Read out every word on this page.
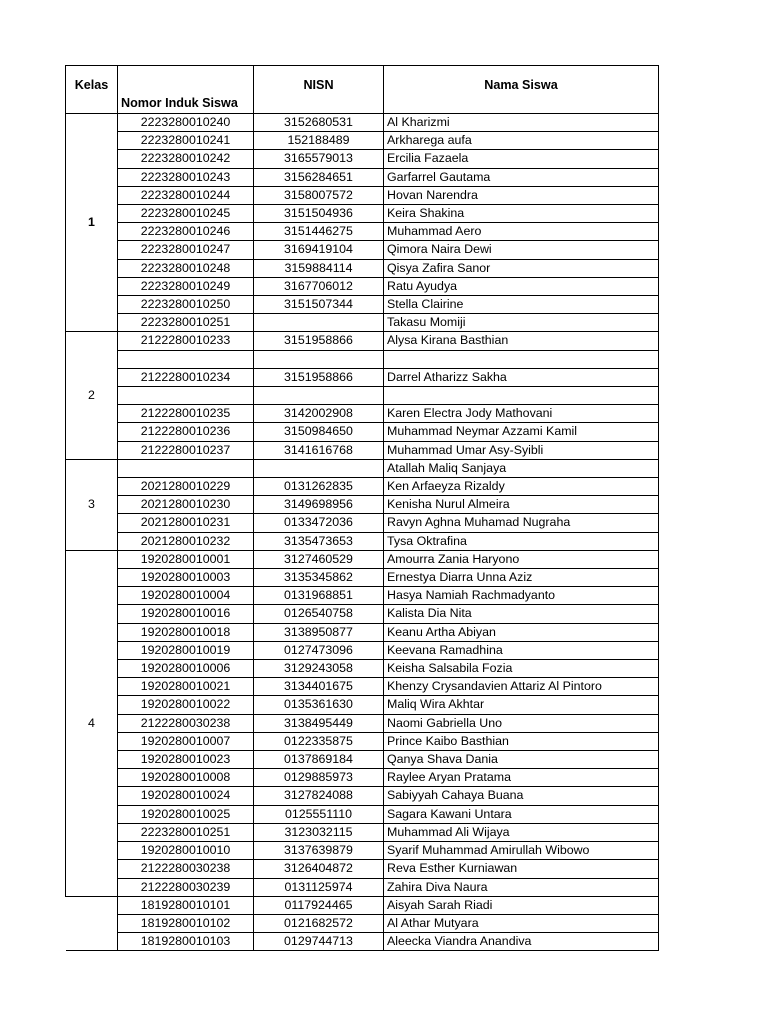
Kelas	Nomor Induk Siswa	NISN	Nama Siswa
1	2223280010240	3152680531	Al Kharizmi
	2223280010241	152188489	Arkharega aufa
	2223280010242	3165579013	Ercilia Fazaela
	2223280010243	3156284651	Garfarrel Gautama
	2223280010244	3158007572	Hovan Narendra
	2223280010245	3151504936	Keira Shakina
	2223280010246	3151446275	Muhammad Aero
	2223280010247	3169419104	Qimora Naira Dewi
	2223280010248	3159884114	Qisya Zafira Sanor
	2223280010249	3167706012	Ratu Ayudya
	2223280010250	3151507344	Stella Clairine
	2223280010251		Takasu Momiji
2	2122280010233	3151958866	Alysa Kirana Basthian

	2122280010234	3151958866	Darrel Atharizz Sakha

	2122280010235	3142002908	Karen Electra Jody Mathovani
	2122280010236	3150984650	Muhammad Neymar Azzami Kamil
	2122280010237	3141616768	Muhammad Umar Asy-Syibli
3			Atallah Maliq Sanjaya
	2021280010229	0131262835	Ken Arfaeyza Rizaldy
	2021280010230	3149698956	Kenisha Nurul Almeira
	2021280010231	0133472036	Ravyn Aghna Muhamad Nugraha
	2021280010232	3135473653	Tysa Oktrafina
4	1920280010001	3127460529	Amourra Zania Haryono
	1920280010003	3135345862	Ernestya Diarra Unna Aziz
	1920280010004	0131968851	Hasya Namiah Rachmadyanto
	1920280010016	0126540758	Kalista Dia Nita
	1920280010018	3138950877	Keanu Artha Abiyan
	1920280010019	0127473096	Keevana Ramadhina
	1920280010006	3129243058	Keisha Salsabila Fozia
	1920280010021	3134401675	Khenzy Crysandavien Attariz Al Pintoro
	1920280010022	0135361630	Maliq Wira Akhtar
	2122280030238	3138495449	Naomi Gabriella Uno
	1920280010007	0122335875	Prince Kaibo Basthian
	1920280010023	0137869184	Qanya Shava Dania
	1920280010008	0129885973	Raylee Aryan Pratama
	1920280010024	3127824088	Sabiyyah Cahaya Buana
	1920280010025	0125551110	Sagara Kawani Untara
	2223280010251	3123032115	Muhammad Ali Wijaya
	1920280010010	3137639879	Syarif Muhammad Amirullah Wibowo
	2122280030238	3126404872	Reva Esther Kurniawan
	2122280030239	0131125974	Zahira Diva Naura
	1819280010101	0117924465	Aisyah Sarah Riadi
	1819280010102	0121682572	Al Athar Mutyara
	1819280010103	0129744713	Aleecka Viandra Anandiva
